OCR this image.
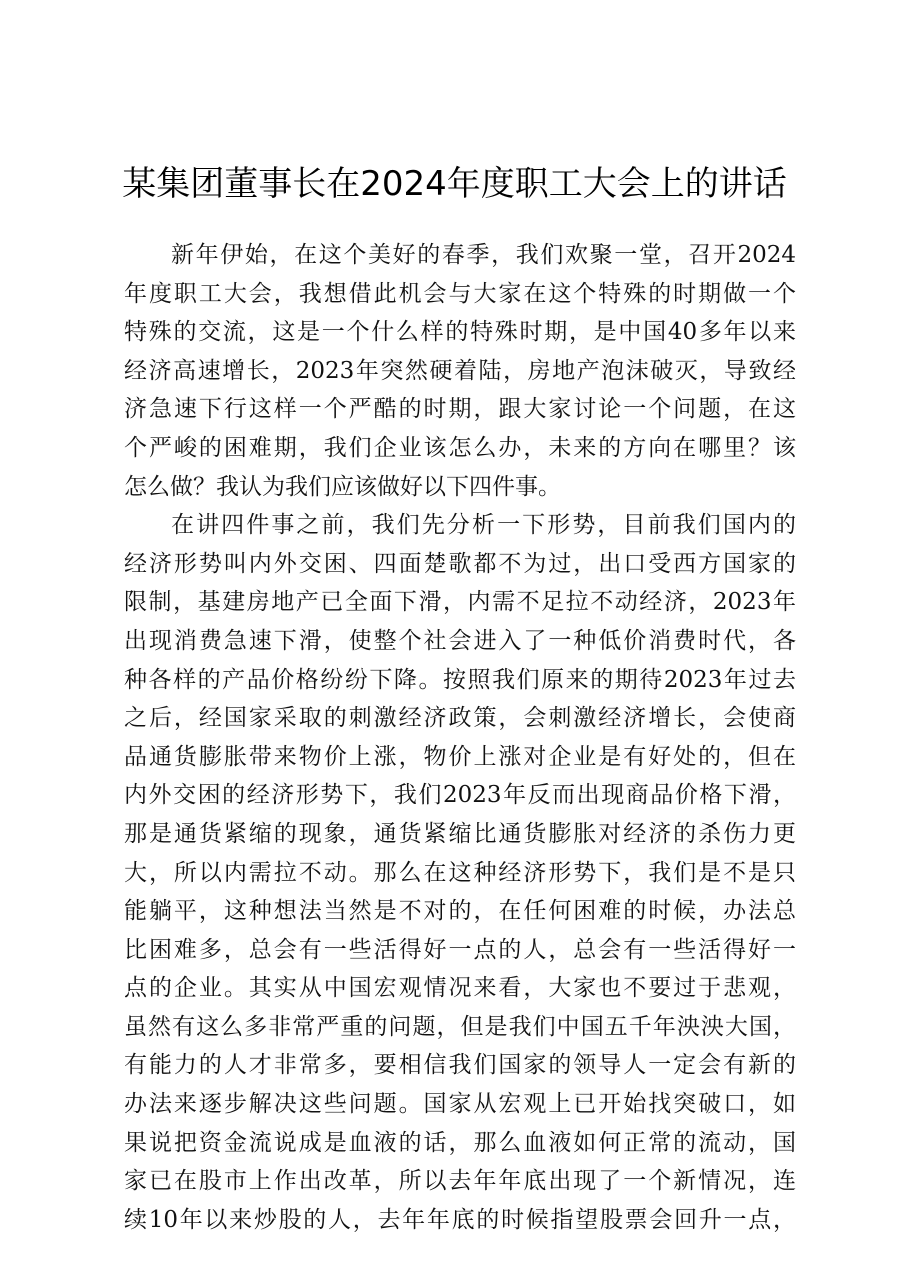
某集团董事长在2024年度职工大会上的讲话
新年伊始，在这个美好的春季，我们欢聚一堂，召开2024
年度职工大会，我想借此机会与大家在这个特殊的时期做一个
特殊的交流，这是一个什么样的特殊时期，是中国40多年以来
经济高速增长，2023年突然硬着陆，房地产泡沫破灭，导致经
济急速下行这样一个严酷的时期，跟大家讨论一个问题，在这
个严峻的困难期，我们企业该怎么办，未来的方向在哪里？该
怎么做？我认为我们应该做好以下四件事。
在讲四件事之前，我们先分析一下形势，目前我们国内的
经济形势叫内外交困、四面楚歌都不为过，出口受西方国家的
限制，基建房地产已全面下滑，内需不足拉不动经济，2023年
出现消费急速下滑，使整个社会进入了一种低价消费时代，各
种各样的产品价格纷纷下降。按照我们原来的期待2023年过去
之后，经国家采取的刺激经济政策，会刺激经济增长，会使商
品通货膨胀带来物价上涨，物价上涨对企业是有好处的，但在
内外交困的经济形势下，我们2023年反而出现商品价格下滑，
那是通货紧缩的现象，通货紧缩比通货膨胀对经济的杀伤力更
大，所以内需拉不动。那么在这种经济形势下，我们是不是只
能躺平，这种想法当然是不对的，在任何困难的时候，办法总
比困难多，总会有一些活得好一点的人，总会有一些活得好一
点的企业。其实从中国宏观情况来看，大家也不要过于悲观，
虽然有这么多非常严重的问题，但是我们中国五千年泱泱大国，
有能力的人才非常多，要相信我们国家的领导人一定会有新的
办法来逐步解决这些问题。国家从宏观上已开始找突破口，如
果说把资金流说成是血液的话，那么血液如何正常的流动，国
家已在股市上作出改革，所以去年年底出现了一个新情况，连
续10年以来炒股的人，去年年底的时候指望股票会回升一点，
